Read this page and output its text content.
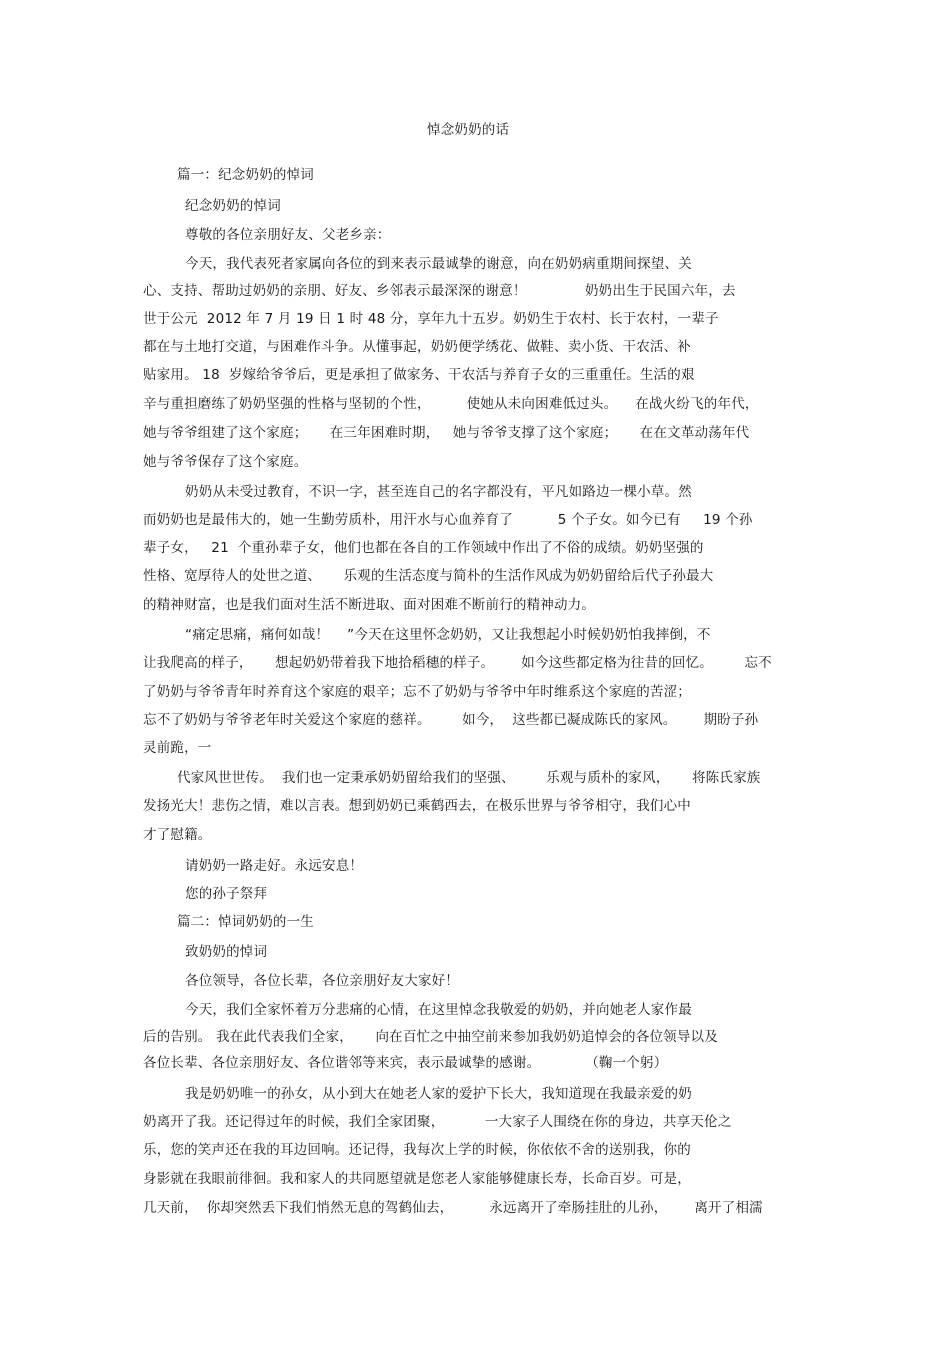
悼念奶奶的话
篇一：纪念奶奶的悼词
纪念奶奶的悼词
尊敬的各位亲朋好友、父老乡亲：
今天，我代表死者家属向各位的到来表示最诚挚的谢意，向在奶奶病重期间探望、关
心、支持、帮助过奶奶的亲朋、好友、乡邻表示最深深的谢意！             奶奶出生于民国六年，去
世于公元  2012 年 7 月 19 日 1 时 48 分，享年九十五岁。奶奶生于农村、长于农村，一辈子
都在与土地打交道，与困难作斗争。从懂事起，奶奶便学绣花、做鞋、卖小货、干农活、补
贴家用。 18  岁嫁给爷爷后，更是承担了做家务、干农活与养育子女的三重重任。生活的艰
辛与重担磨练了奶奶坚强的性格与坚韧的个性，        使她从未向困难低过头。    在战火纷飞的年代，
她与爷爷组建了这个家庭；     在三年困难时期，   她与爷爷支撑了这个家庭；     在在文革动荡年代
她与爷爷保存了这个家庭。
奶奶从未受过教育，不识一字，甚至连自己的名字都没有，平凡如路边一棵小草。然
而奶奶也是最伟大的，她一生勤劳质朴，用汗水与心血养育了          5 个子女。如今已有     19 个孙
辈子女，   21  个重孙辈子女，他们也都在各自的工作领域中作出了不俗的成绩。奶奶坚强的
性格、宽厚待人的处世之道、     乐观的生活态度与简朴的生活作风成为奶奶留给后代子孙最大
的精神财富，也是我们面对生活不断进取、面对困难不断前行的精神动力。
“痛定思痛，痛何如哉！    ”今天在这里怀念奶奶，又让我想起小时候奶奶怕我摔倒，不
让我爬高的样子，     想起奶奶带着我下地拾稻穗的样子。      如今这些都定格为往昔的回忆。       忘不
了奶奶与爷爷青年时养育这个家庭的艰辛；忘不了奶奶与爷爷中年时维系这个家庭的苦涩；
忘不了奶奶与爷爷老年时关爱这个家庭的慈祥。       如今，  这些都已凝成陈氏的家风。      期盼子孙
灵前跪，一
代家风世世传。  我们也一定秉承奶奶留给我们的坚强、       乐观与质朴的家风，     将陈氏家族
发扬光大！悲伤之情，难以言表。想到奶奶已乘鹤西去，在极乐世界与爷爷相守，我们心中
才了慰籍。
请奶奶一路走好。永远安息！
您的孙子祭拜
篇二：悼词奶奶的一生
致奶奶的悼词
各位领导，各位长辈，各位亲朋好友大家好！
今天，我们全家怀着万分悲痛的心情，在这里悼念我敬爱的奶奶，并向她老人家作最
后的告别。 我在此代表我们全家，     向在百忙之中抽空前来参加我奶奶追悼会的各位领导以及
各位长辈、各位亲朋好友、各位谐邻等来宾，表示最诚挚的感谢。          （鞠一个躬）
我是奶奶唯一的孙女，从小到大在她老人家的爱护下长大，我知道现在我最亲爱的奶
奶离开了我。还记得过年的时候，我们全家团聚，         一大家子人围绕在你的身边，共享天伦之
乐，您的笑声还在我的耳边回响。还记得，我每次上学的时候，你依依不舍的送别我，你的
身影就在我眼前徘徊。我和家人的共同愿望就是您老人家能够健康长寿，长命百岁。可是，
几天前，  你却突然丢下我们悄然无息的驾鹤仙去，        永远离开了牵肠挂肚的儿孙，      离开了相濡
